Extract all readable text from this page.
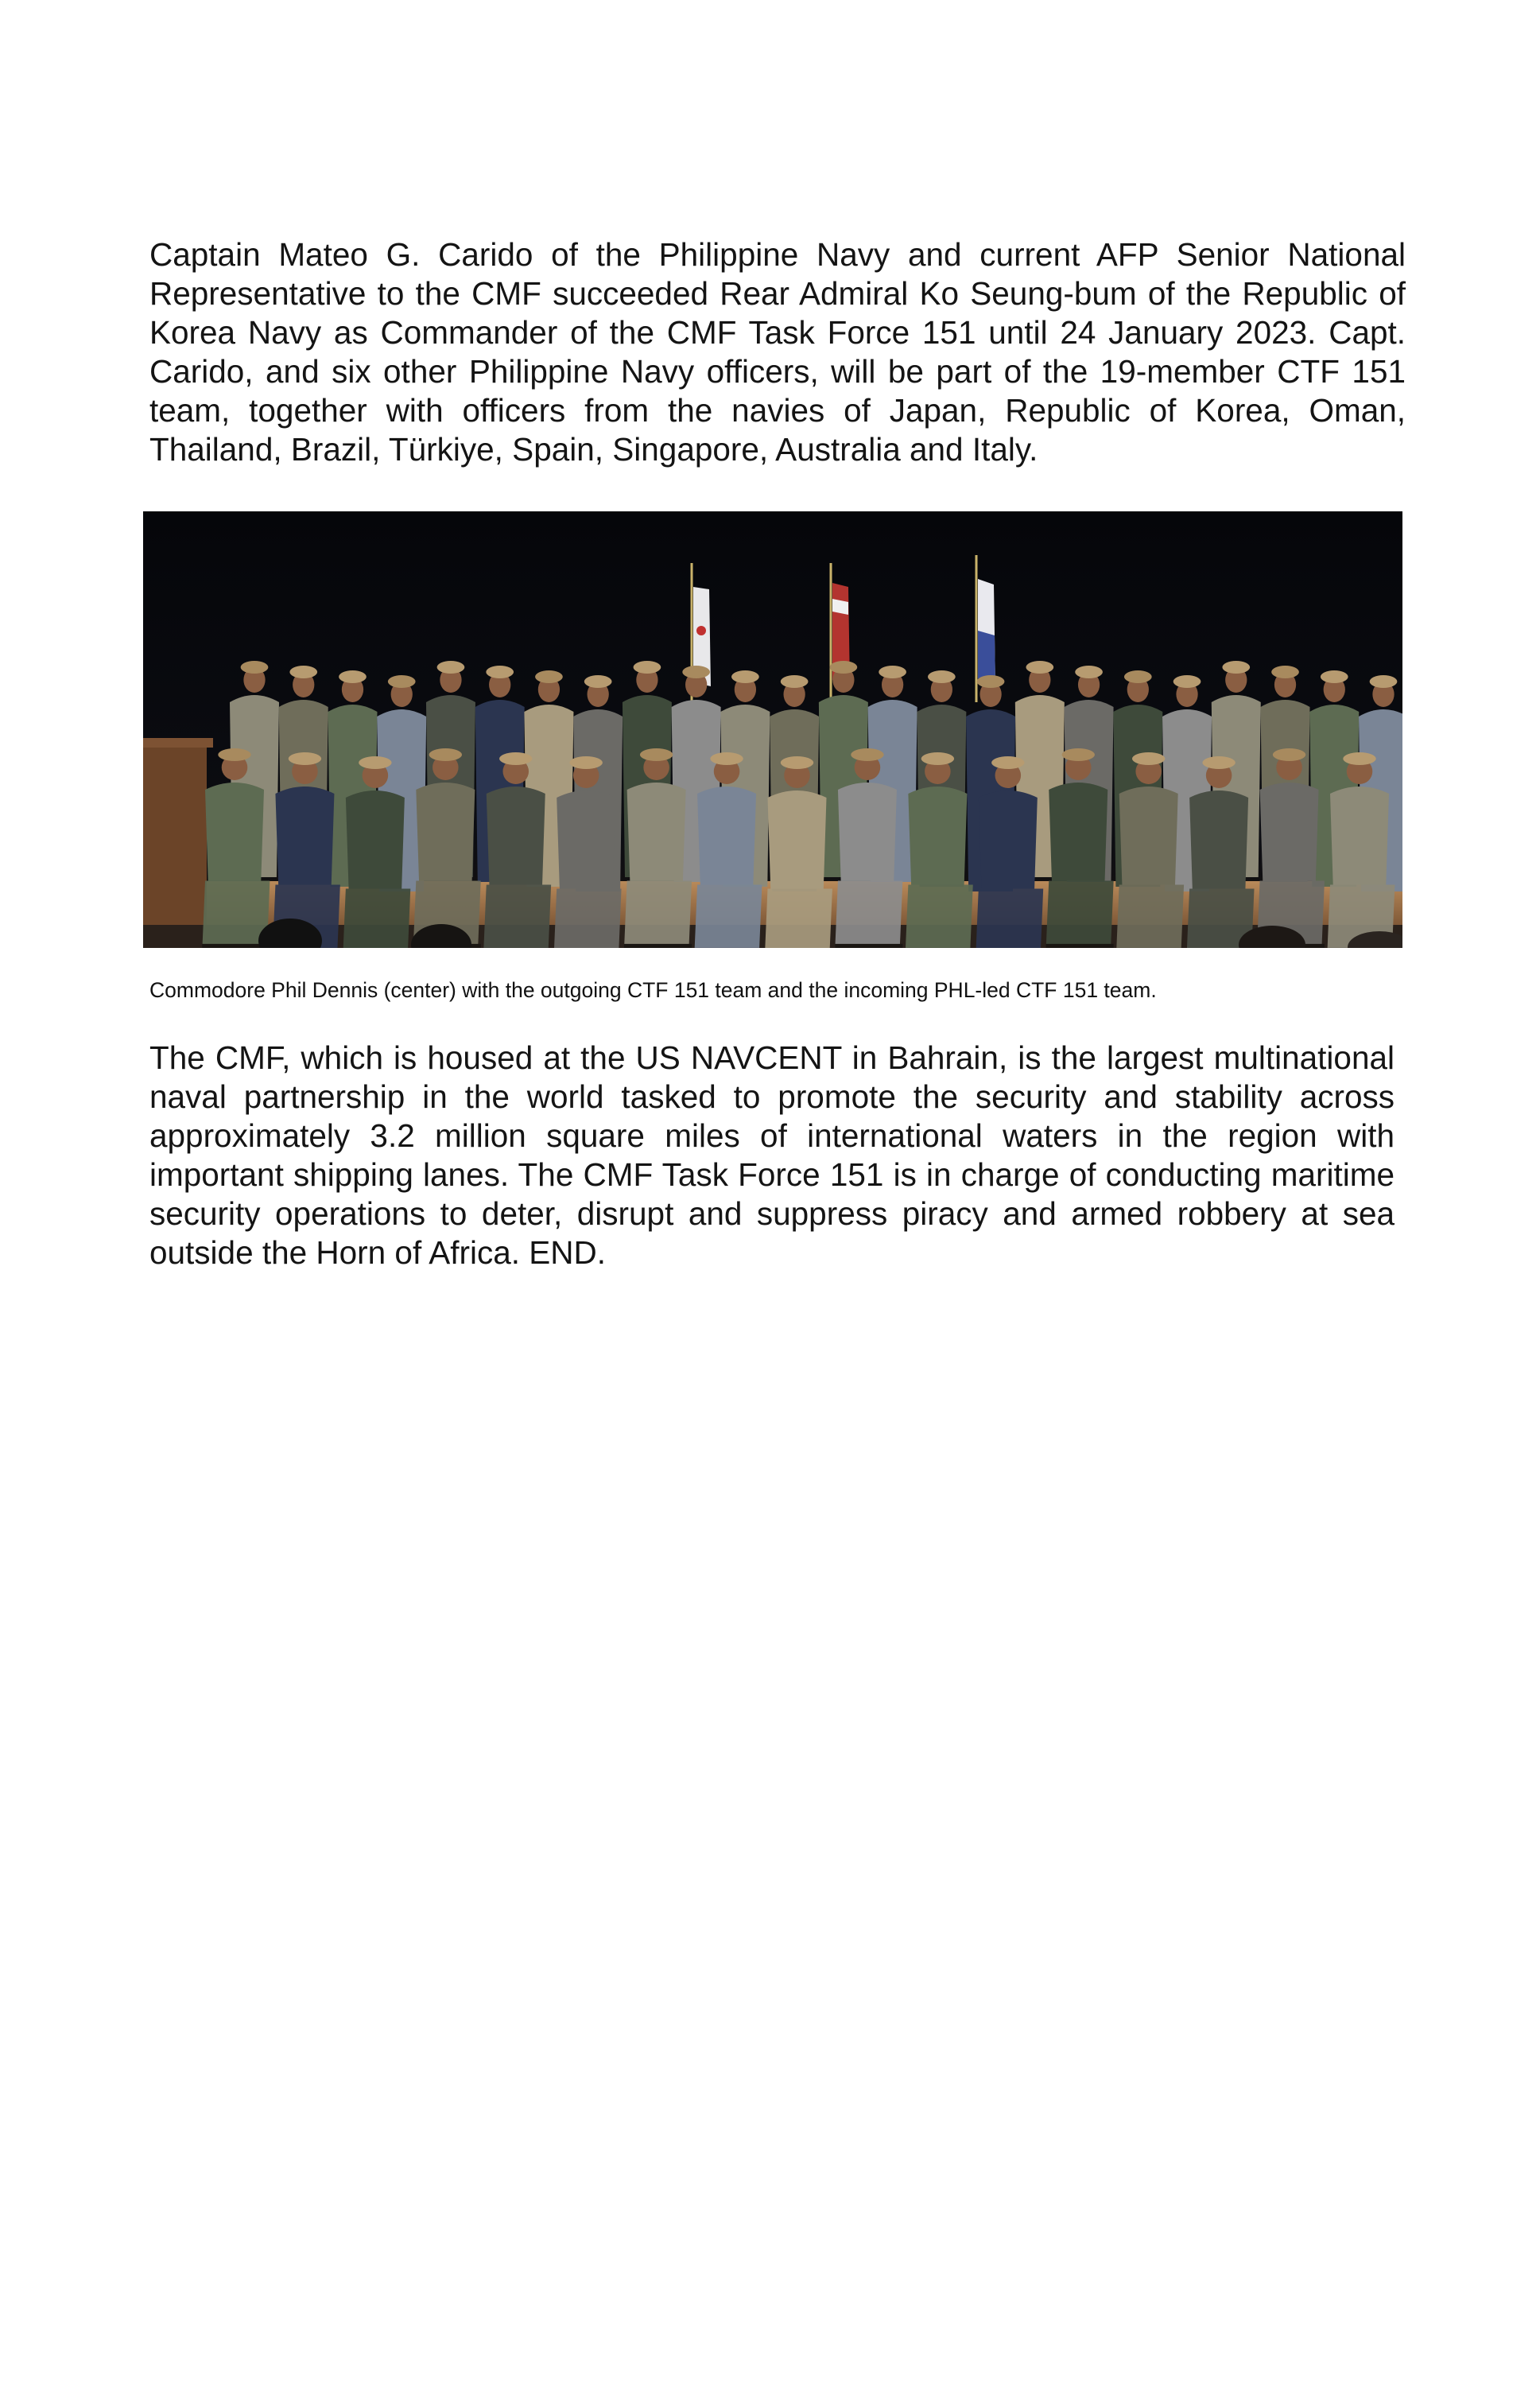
Captain Mateo G. Carido of the Philippine Navy and current AFP Senior National Representative to the CMF succeeded Rear Admiral Ko Seung-bum of the Republic of Korea Navy as Commander of the CMF Task Force 151 until 24 January 2023. Capt. Carido, and six other Philippine Navy officers, will be part of the 19-member CTF 151 team, together with officers from the navies of Japan, Republic of Korea, Oman, Thailand, Brazil, Türkiye, Spain, Singapore, Australia and Italy.

Commodore Phil Dennis (center) with the outgoing CTF 151 team and the incoming PHL-led CTF 151 team.

The CMF, which is housed at the US NAVCENT in Bahrain, is the largest multinational naval partnership in the world tasked to promote the security and stability across approximately 3.2 million square miles of international waters in the region with important shipping lanes. The CMF Task Force 151 is in charge of conducting maritime security operations to deter, disrupt and suppress piracy and armed robbery at sea outside the Horn of Africa. END.
